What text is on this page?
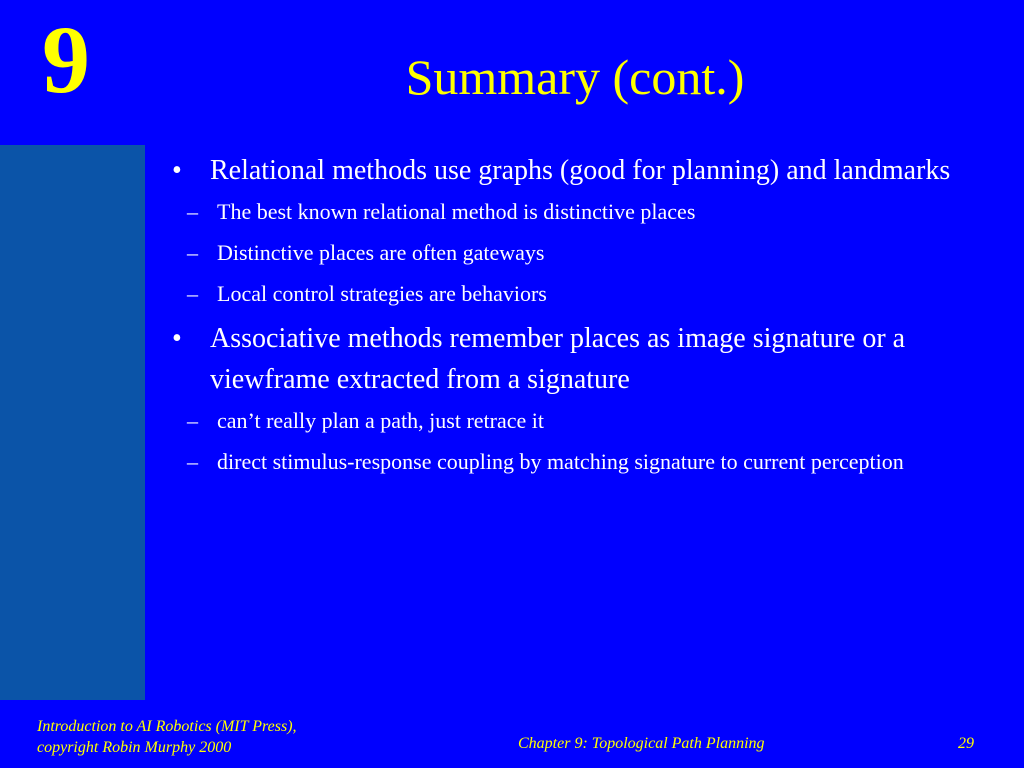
9	Summary (cont.)
• Relational methods use graphs (good for planning) and landmarks
– The best known relational method is distinctive places
– Distinctive places are often gateways
– Local control strategies are behaviors
• Associative methods remember places as image signature or a viewframe extracted from a signature
– can’t really plan a path, just retrace it
– direct stimulus-response coupling by matching signature to current perception
Introduction to AI Robotics (MIT Press),
copyright Robin Murphy 2000	Chapter 9: Topological Path Planning	29
